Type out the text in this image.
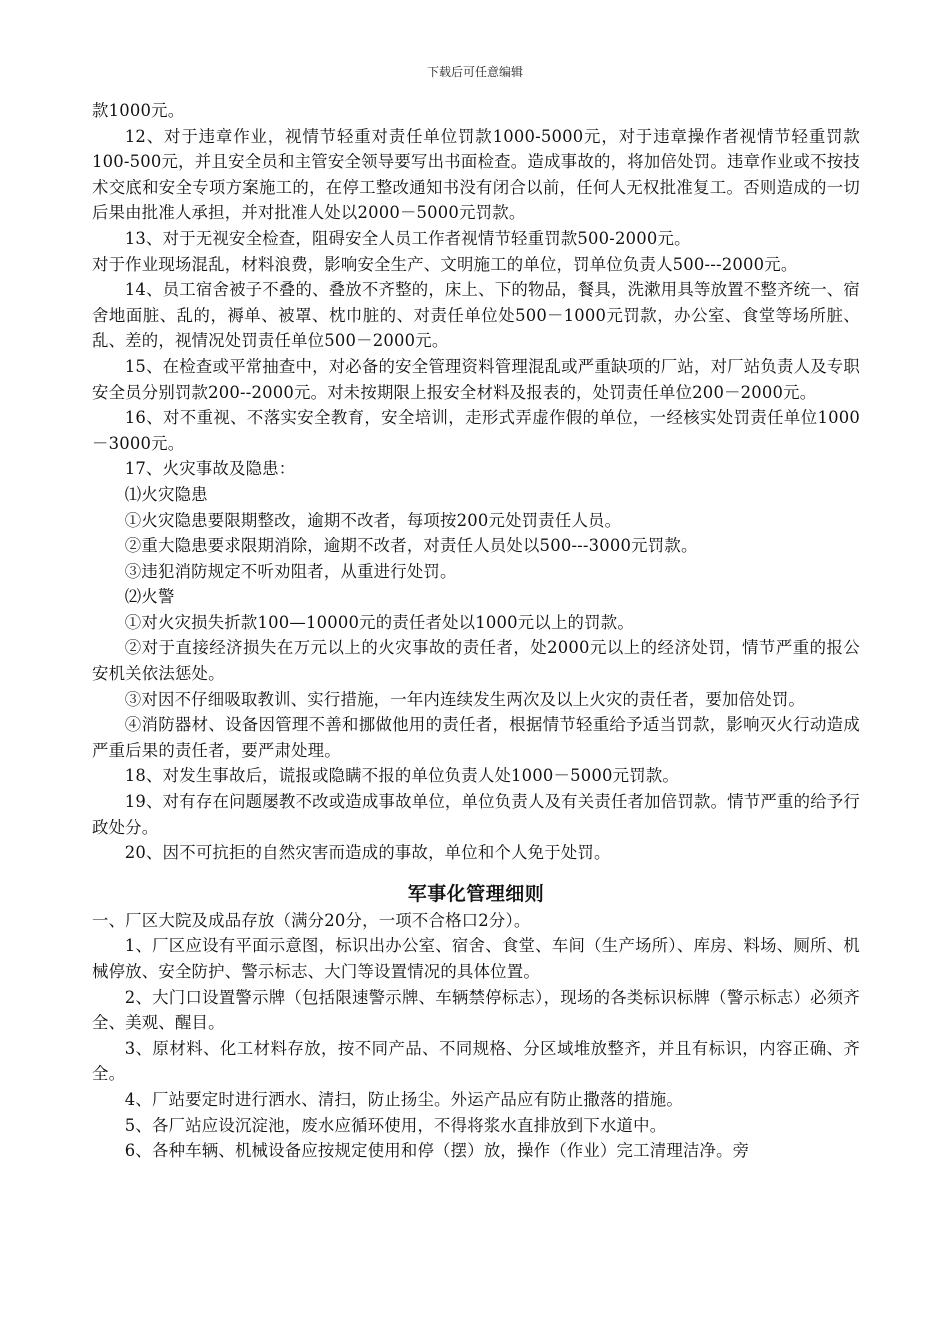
下载后可任意编辑

款1000元。

12、对于违章作业，视情节轻重对责任单位罚款1000-5000元，对于违章操作者视情节轻重罚款100-500元，并且安全员和主管安全领导要写出书面检查。造成事故的，将加倍处罚。违章作业或不按技术交底和安全专项方案施工的，在停工整改通知书没有闭合以前，任何人无权批准复工。否则造成的一切后果由批准人承担，并对批准人处以2000－5000元罚款。

13、对于无视安全检查，阻碍安全人员工作者视情节轻重罚款500-2000元。

对于作业现场混乱，材料浪费，影响安全生产、文明施工的单位，罚单位负责人500---2000元。

14、员工宿舍被子不叠的、叠放不齐整的，床上、下的物品，餐具，洗漱用具等放置不整齐统一、宿舍地面脏、乱的，褥单、被罩、枕巾脏的、对责任单位处500－1000元罚款，办公室、食堂等场所脏、乱、差的，视情况处罚责任单位500－2000元。

15、在检查或平常抽查中，对必备的安全管理资料管理混乱或严重缺项的厂站，对厂站负责人及专职安全员分别罚款200--2000元。对未按期限上报安全材料及报表的，处罚责任单位200－2000元。

16、对不重视、不落实安全教育，安全培训，走形式弄虚作假的单位，一经核实处罚责任单位1000－3000元。

17、火灾事故及隐患：

⑴火灾隐患

①火灾隐患要限期整改，逾期不改者，每项按200元处罚责任人员。

②重大隐患要求限期消除，逾期不改者，对责任人员处以500---3000元罚款。

③违犯消防规定不听劝阻者，从重进行处罚。

⑵火警

①对火灾损失折款100—10000元的责任者处以1000元以上的罚款。

②对于直接经济损失在万元以上的火灾事故的责任者，处2000元以上的经济处罚，情节严重的报公安机关依法惩处。

③对因不仔细吸取教训、实行措施，一年内连续发生两次及以上火灾的责任者，要加倍处罚。

④消防器材、设备因管理不善和挪做他用的责任者，根据情节轻重给予适当罚款，影响灭火行动造成严重后果的责任者，要严肃处理。

18、对发生事故后，谎报或隐瞒不报的单位负责人处1000－5000元罚款。

19、对有存在问题屡教不改或造成事故单位，单位负责人及有关责任者加倍罚款。情节严重的给予行政处分。

20、因不可抗拒的自然灾害而造成的事故，单位和个人免于处罚。

军事化管理细则

一、厂区大院及成品存放（满分20分，一项不合格口2分）。

1、厂区应设有平面示意图，标识出办公室、宿舍、食堂、车间（生产场所）、库房、料场、厕所、机械停放、安全防护、警示标志、大门等设置情况的具体位置。

2、大门口设置警示牌（包括限速警示牌、车辆禁停标志），现场的各类标识标牌（警示标志）必须齐全、美观、醒目。

3、原材料、化工材料存放，按不同产品、不同规格、分区域堆放整齐，并且有标识，内容正确、齐全。

4、厂站要定时进行洒水、清扫，防止扬尘。外运产品应有防止撒落的措施。

5、各厂站应设沉淀池，废水应循环使用，不得将浆水直排放到下水道中。

6、各种车辆、机械设备应按规定使用和停（摆）放，操作（作业）完工清理洁净。旁
